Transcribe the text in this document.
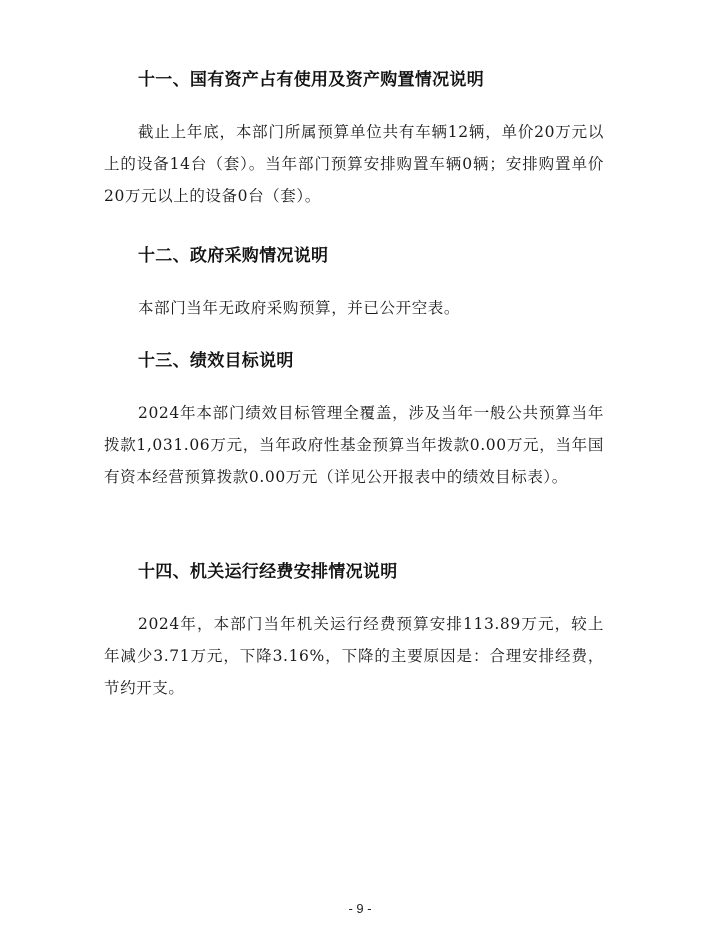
十一、国有资产占有使用及资产购置情况说明

截止上年底，本部门所属预算单位共有车辆12辆，单价20万元以上的设备14台（套）。当年部门预算安排购置车辆0辆；安排购置单价20万元以上的设备0台（套）。

十二、政府采购情况说明

本部门当年无政府采购预算，并已公开空表。

十三、绩效目标说明

2024年本部门绩效目标管理全覆盖，涉及当年一般公共预算当年拨款1,031.06万元，当年政府性基金预算当年拨款0.00万元，当年国有资本经营预算拨款0.00万元（详见公开报表中的绩效目标表）。

十四、机关运行经费安排情况说明

2024年，本部门当年机关运行经费预算安排113.89万元，较上年减少3.71万元，下降3.16%，下降的主要原因是：合理安排经费，节约开支。

- 9 -
